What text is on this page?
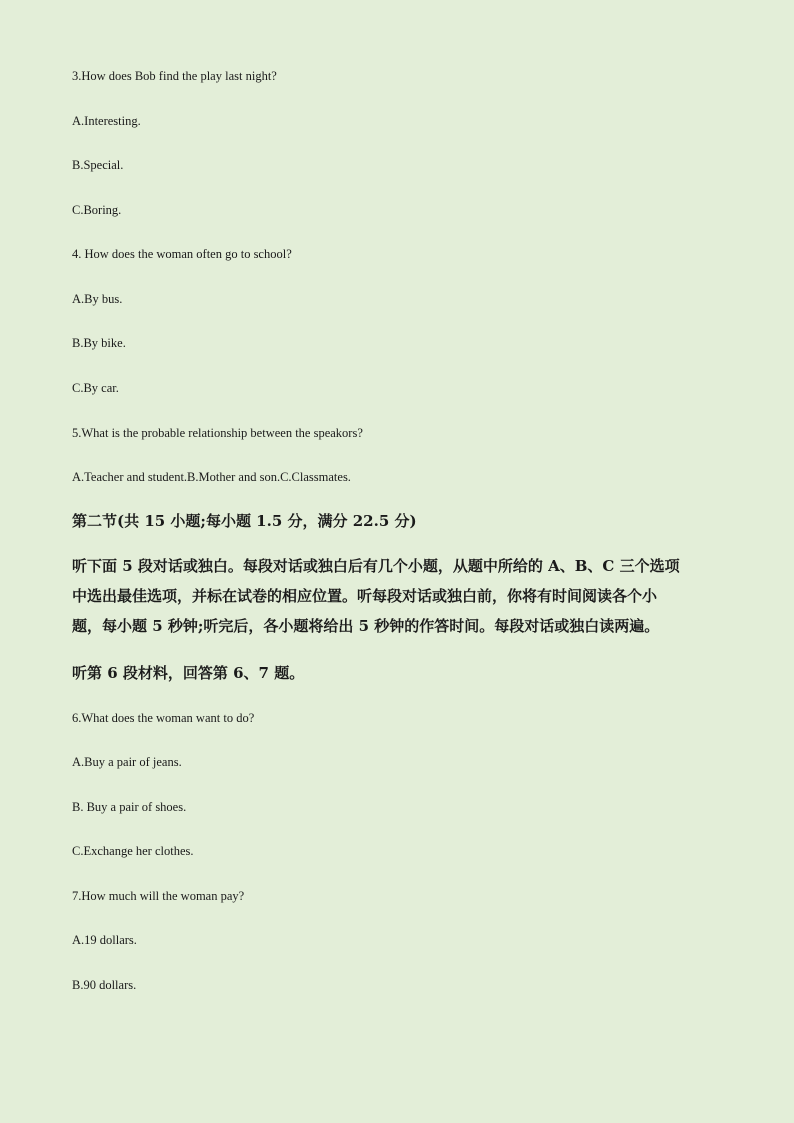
3.How does Bob find the play last night?
A.Interesting.
B.Special.
C.Boring.
4. How does the woman often go to school?
A.By bus.
B.By bike.
C.By car.
5.What is the probable relationship between the speakors?
A.Teacher and student.B.Mother and son.C.Classmates.
第二节(共 15 小题;每小题 1.5 分，满分 22.5 分)
听下面 5 段对话或独白。每段对话或独白后有几个小题，从题中所给的 A、B、C 三个选项
中选出最佳选项，并标在试卷的相应位置。听每段对话或独白前，你将有时间阅读各个小
题，每小题 5 秒钟;听完后，各小题将给出 5 秒钟的作答时间。每段对话或独白读两遍。
听第 6 段材料，回答第 6、7 题。
6.What does the woman want to do?
A.Buy a pair of jeans.
B. Buy a pair of shoes.
C.Exchange her clothes.
7.How much will the woman pay?
A.19 dollars.
B.90 dollars.
